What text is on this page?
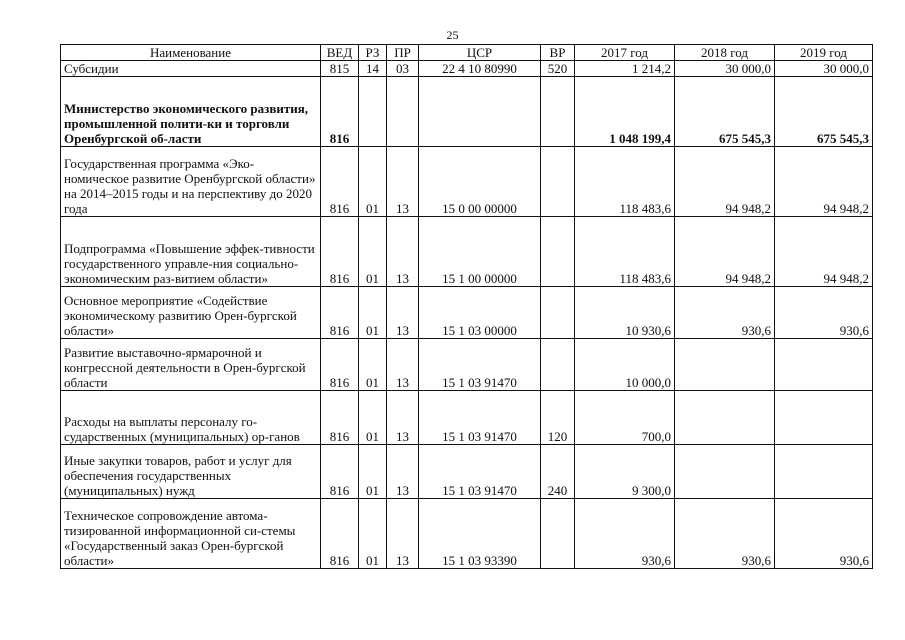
25
Наименование	ВЕД	РЗ	ПР	ЦСР	ВР	2017 год	2018 год	2019 год
Субсидии	815	14	03	22 4 10 80990	520	1 214,2	30 000,0	30 000,0
Министерство экономического развития, промышленной полити-ки и торговли Оренбургской об-ласти	816					1 048 199,4	675 545,3	675 545,3
Государственная программа «Эко-номическое развитие Оренбургской области» на 2014–2015 годы и на перспективу до 2020 года	816	01	13	15 0 00 00000		118 483,6	94 948,2	94 948,2
Подпрограмма «Повышение эффек-тивности государственного управле-ния социально-экономическим раз-витием области»	816	01	13	15 1 00 00000		118 483,6	94 948,2	94 948,2
Основное мероприятие «Содействие экономическому развитию Орен-бургской области»	816	01	13	15 1 03 00000		10 930,6	930,6	930,6
Развитие выставочно-ярмарочной и конгрессной деятельности в Орен-бургской области	816	01	13	15 1 03 91470		10 000,0		
Расходы на выплаты персоналу го-сударственных (муниципальных) ор-ганов	816	01	13	15 1 03 91470	120	700,0		
Иные закупки товаров, работ и услуг для обеспечения государственных (муниципальных) нужд	816	01	13	15 1 03 91470	240	9 300,0		
Техническое сопровождение автома-тизированной информационной си-стемы «Государственный заказ Орен-бургской области»	816	01	13	15 1 03 93390		930,6	930,6	930,6
